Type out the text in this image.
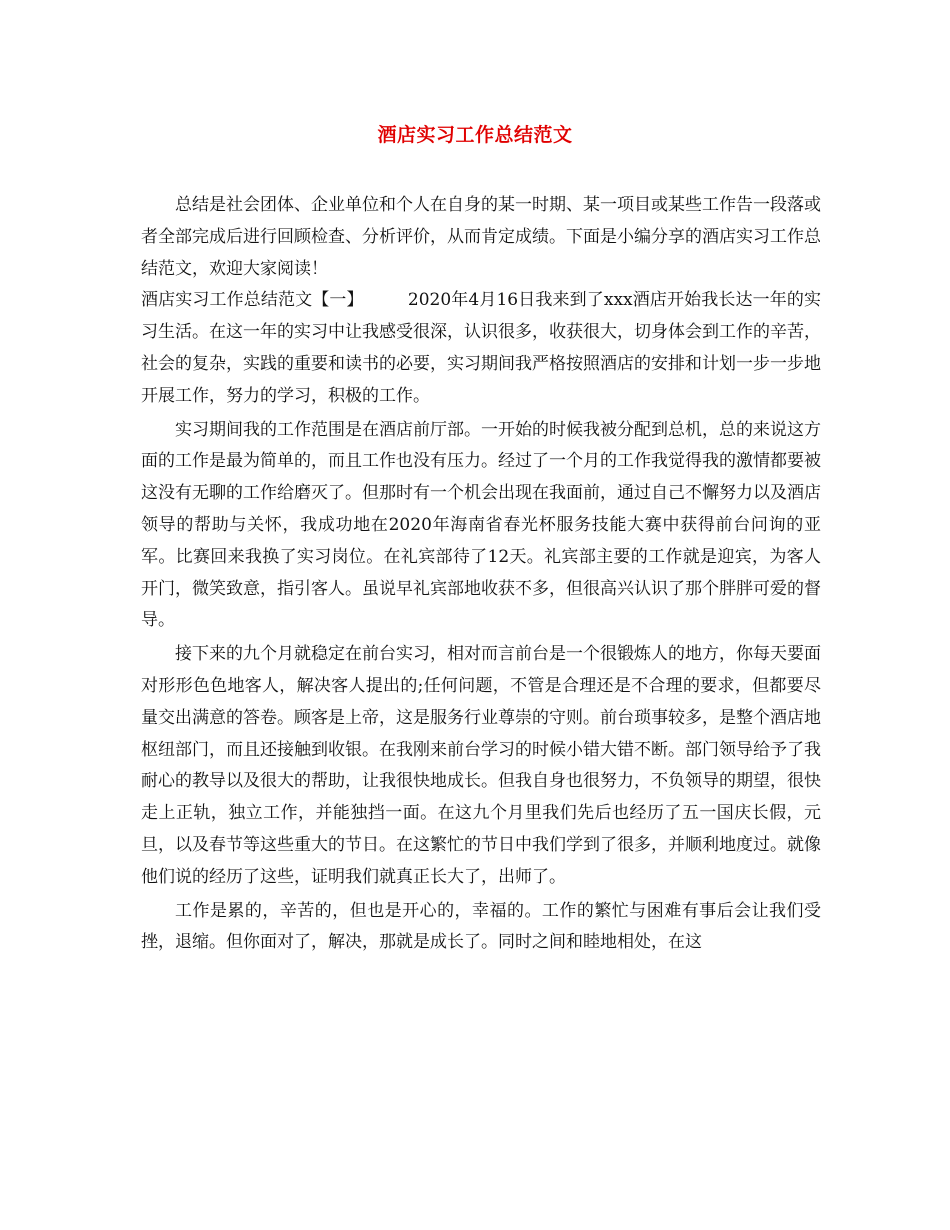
酒店实习工作总结范文

总结是社会团体、企业单位和个人在自身的某一时期、某一项目或某些工作告一段落或者全部完成后进行回顾检查、分析评价，从而肯定成绩。下面是小编分享的酒店实习工作总结范文，欢迎大家阅读！

酒店实习工作总结范文【一】	2020年4月16日我来到了xxx酒店开始我长达一年的实习生活。在这一年的实习中让我感受很深，认识很多，收获很大，切身体会到工作的辛苦，社会的复杂，实践的重要和读书的必要，实习期间我严格按照酒店的安排和计划一步一步地开展工作，努力的学习，积极的工作。

实习期间我的工作范围是在酒店前厅部。一开始的时候我被分配到总机，总的来说这方面的工作是最为简单的，而且工作也没有压力。经过了一个月的工作我觉得我的激情都要被这没有无聊的工作给磨灭了。但那时有一个机会出现在我面前，通过自己不懈努力以及酒店领导的帮助与关怀，我成功地在2020年海南省春光杯服务技能大赛中获得前台问询的亚军。比赛回来我换了实习岗位。在礼宾部待了12天。礼宾部主要的工作就是迎宾，为客人开门，微笑致意，指引客人。虽说早礼宾部地收获不多，但很高兴认识了那个胖胖可爱的督导。

接下来的九个月就稳定在前台实习，相对而言前台是一个很锻炼人的地方，你每天要面对形形色色地客人，解决客人提出的;任何问题，不管是合理还是不合理的要求，但都要尽量交出满意的答卷。顾客是上帝，这是服务行业尊崇的守则。前台琐事较多，是整个酒店地枢纽部门，而且还接触到收银。在我刚来前台学习的时候小错大错不断。部门领导给予了我耐心的教导以及很大的帮助，让我很快地成长。但我自身也很努力，不负领导的期望，很快走上正轨，独立工作，并能独挡一面。在这九个月里我们先后也经历了五一国庆长假，元旦，以及春节等这些重大的节日。在这繁忙的节日中我们学到了很多，并顺利地度过。就像他们说的经历了这些，证明我们就真正长大了，出师了。

工作是累的，辛苦的，但也是开心的，幸福的。工作的繁忙与困难有事后会让我们受挫，退缩。但你面对了，解决，那就是成长了。同时之间和睦地相处，在这
